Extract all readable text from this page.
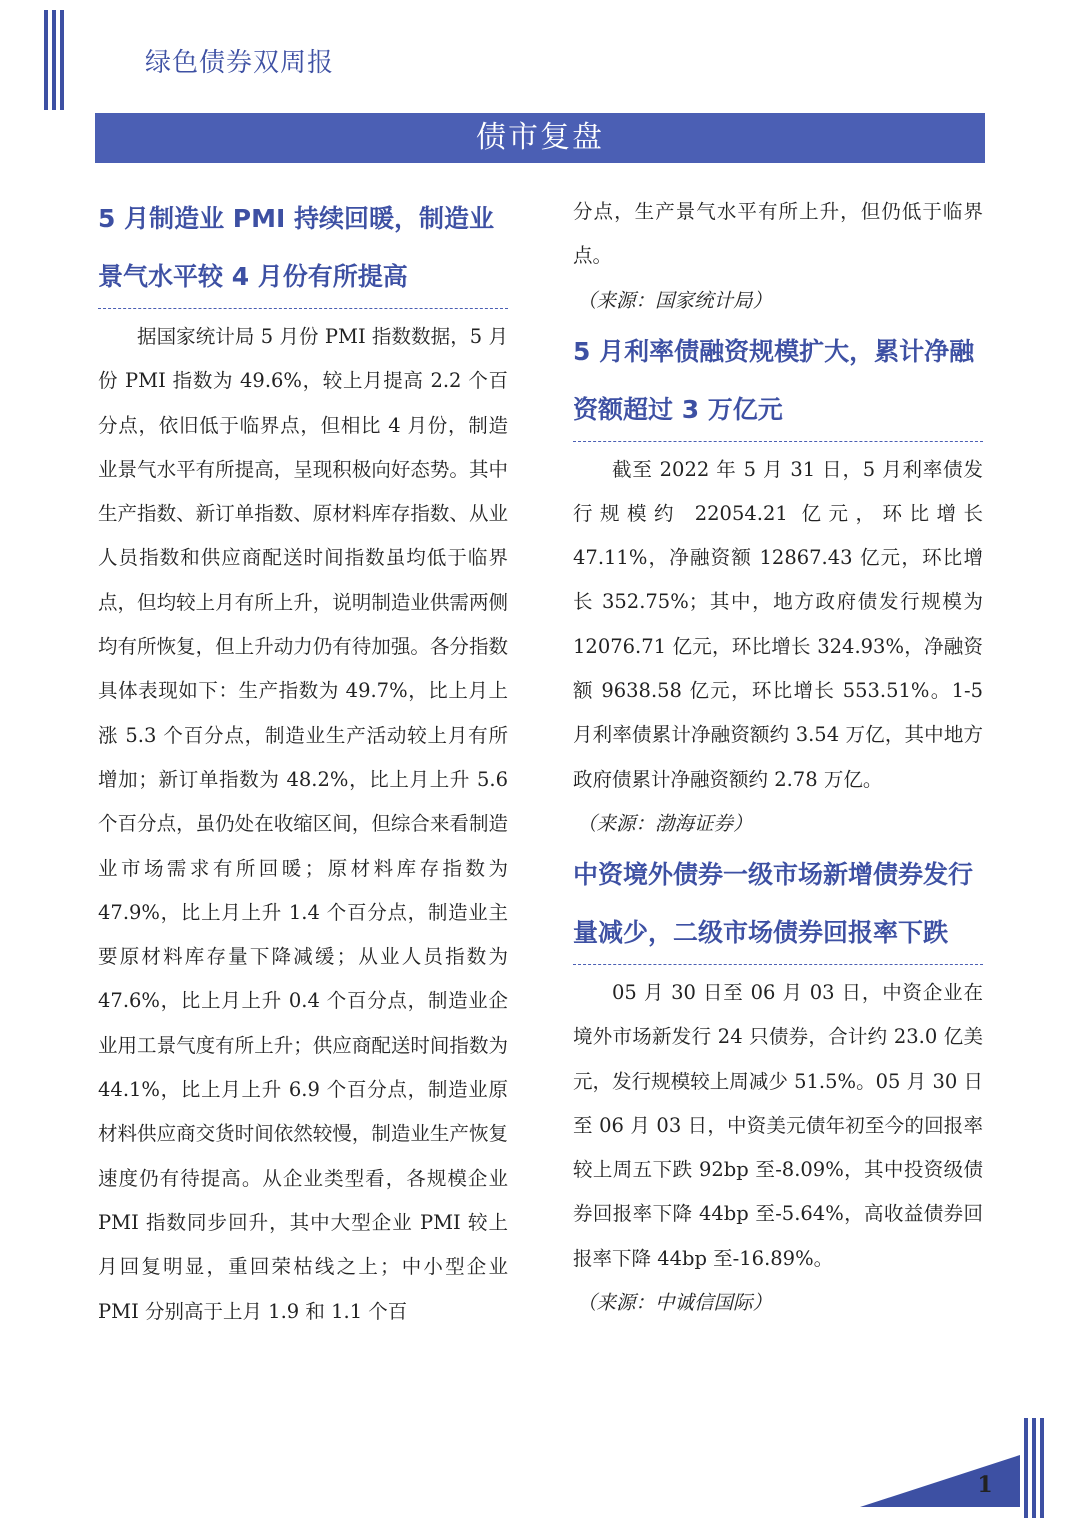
绿色债券双周报
债市复盘
5 月制造业 PMI 持续回暖，制造业景气水平较 4 月份有所提高

据国家统计局 5 月份 PMI 指数数据，5 月份 PMI 指数为 49.6%，较上月提高 2.2 个百分点，依旧低于临界点，但相比 4 月份，制造业景气水平有所提高，呈现积极向好态势。其中生产指数、新订单指数、原材料库存指数、从业人员指数和供应商配送时间指数虽均低于临界点，但均较上月有所上升，说明制造业供需两侧均有所恢复，但上升动力仍有待加强。各分指数具体表现如下：生产指数为 49.7%，比上月上涨 5.3 个百分点，制造业生产活动较上月有所增加；新订单指数为 48.2%，比上月上升 5.6 个百分点，虽仍处在收缩区间，但综合来看制造业市场需求有所回暖；原材料库存指数为 47.9%，比上月上升 1.4 个百分点，制造业主要原材料库存量下降减缓；从业人员指数为 47.6%，比上月上升 0.4 个百分点，制造业企业用工景气度有所上升；供应商配送时间指数为 44.1%，比上月上升 6.9 个百分点，制造业原材料供应商交货时间依然较慢，制造业生产恢复速度仍有待提高。从企业类型看，各规模企业 PMI 指数同步回升，其中大型企业 PMI 较上月回复明显，重回荣枯线之上；中小型企业 PMI 分别高于上月 1.9 和 1.1 个百

分点，生产景气水平有所上升，但仍低于临界点。

（来源：国家统计局）

5 月利率债融资规模扩大，累计净融资额超过 3 万亿元

截至 2022 年 5 月 31 日，5 月利率债发行规模约 22054.21 亿元，环比增长 47.11%，净融资额 12867.43 亿元，环比增长 352.75%；其中，地方政府债发行规模为 12076.71 亿元，环比增长 324.93%，净融资额 9638.58 亿元，环比增长 553.51%。1-5 月利率债累计净融资额约 3.54 万亿，其中地方政府债累计净融资额约 2.78 万亿。

（来源：渤海证券）

中资境外债券一级市场新增债券发行量减少，二级市场债券回报率下跌

05 月 30 日至 06 月 03 日，中资企业在境外市场新发行 24 只债券，合计约 23.0 亿美元，发行规模较上周减少 51.5%。05 月 30 日至 06 月 03 日，中资美元债年初至今的回报率较上周五下跌 92bp 至-8.09%，其中投资级债券回报率下降 44bp 至-5.64%，高收益债券回报率下降 44bp 至-16.89%。

（来源：中诚信国际）

1
